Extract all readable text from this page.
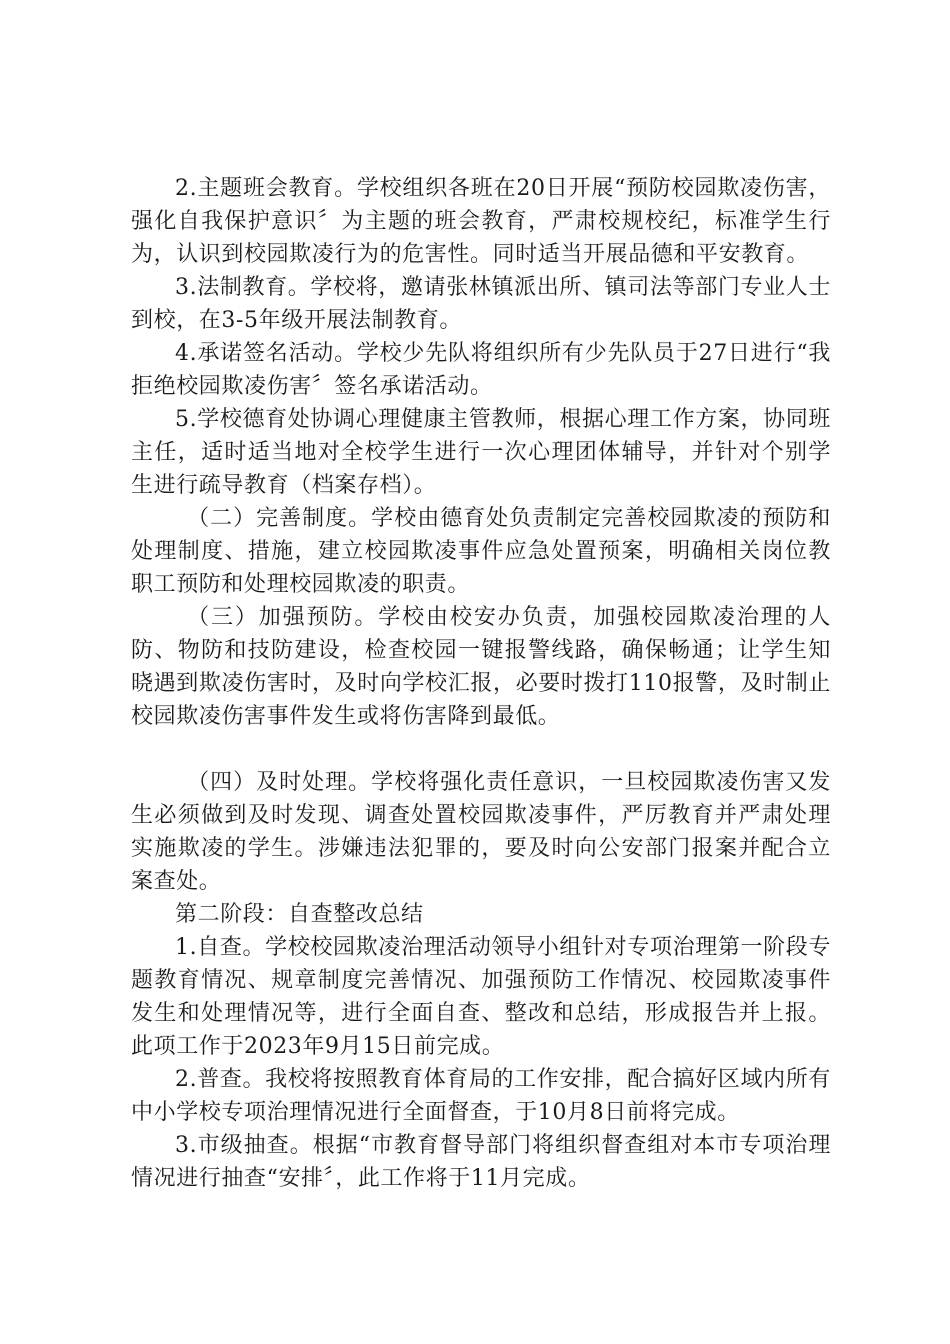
2.主题班会教育。学校组织各班在20日开展“预防校园欺凌伤害，强化自我保护意识〞为主题的班会教育，严肃校规校纪，标准学生行为，认识到校园欺凌行为的危害性。同时适当开展品德和平安教育。

3.法制教育。学校将，邀请张林镇派出所、镇司法等部门专业人士到校，在3-5年级开展法制教育。

4.承诺签名活动。学校少先队将组织所有少先队员于27日进行“我拒绝校园欺凌伤害〞签名承诺活动。

5.学校德育处协调心理健康主管教师，根据心理工作方案，协同班主任，适时适当地对全校学生进行一次心理团体辅导，并针对个别学生进行疏导教育（档案存档）。

（二）完善制度。学校由德育处负责制定完善校园欺凌的预防和处理制度、措施，建立校园欺凌事件应急处置预案，明确相关岗位教职工预防和处理校园欺凌的职责。

（三）加强预防。学校由校安办负责，加强校园欺凌治理的人防、物防和技防建设，检查校园一键报警线路，确保畅通；让学生知晓遇到欺凌伤害时，及时向学校汇报，必要时拨打110报警，及时制止校园欺凌伤害事件发生或将伤害降到最低。

（四）及时处理。学校将强化责任意识，一旦校园欺凌伤害又发生必须做到及时发现、调查处置校园欺凌事件，严厉教育并严肃处理实施欺凌的学生。涉嫌违法犯罪的，要及时向公安部门报案并配合立案查处。

第二阶段：自查整改总结

1.自查。学校校园欺凌治理活动领导小组针对专项治理第一阶段专题教育情况、规章制度完善情况、加强预防工作情况、校园欺凌事件发生和处理情况等，进行全面自查、整改和总结，形成报告并上报。此项工作于2023年9月15日前完成。

2.普查。我校将按照教育体育局的工作安排，配合搞好区域内所有中小学校专项治理情况进行全面督查，于10月8日前将完成。

3.市级抽查。根据“市教育督导部门将组织督查组对本市专项治理情况进行抽查“安排〞，此工作将于11月完成。
